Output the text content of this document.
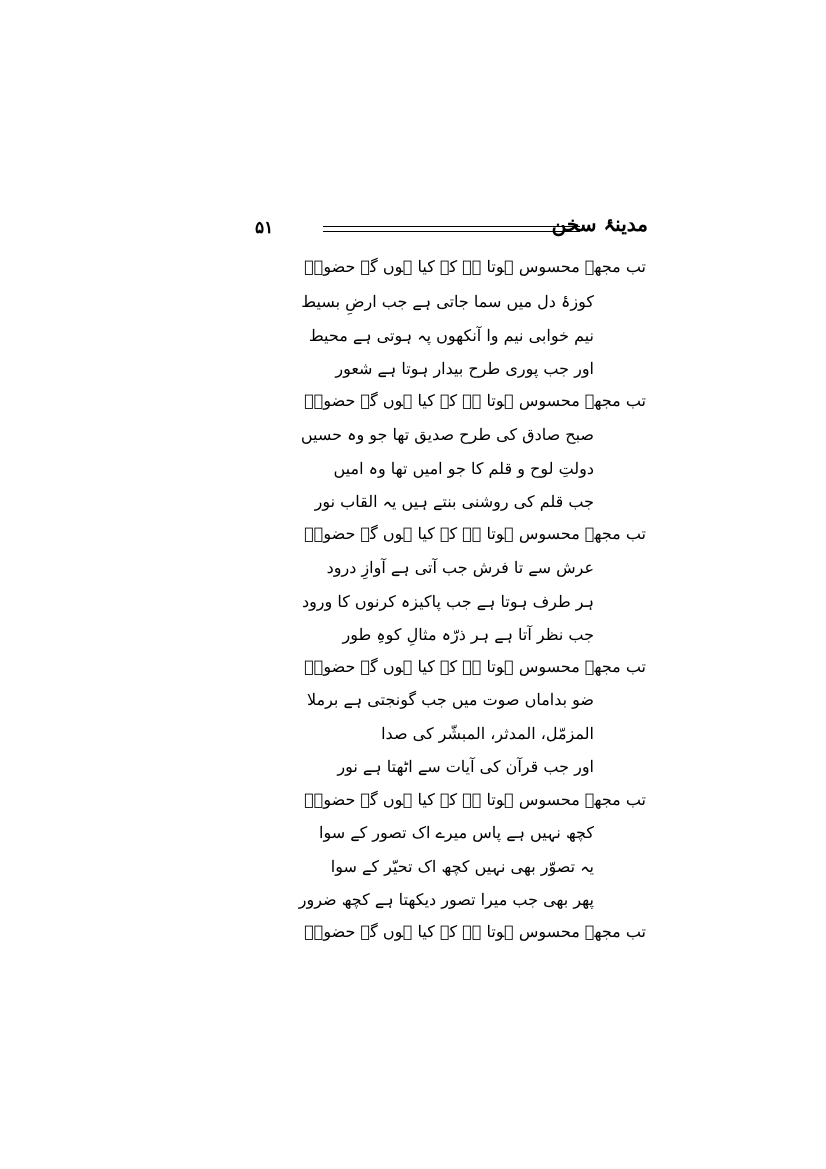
۵۱	مدینۂ سخن
تب مجھے محسوس ہوتا ہے کہ کیا ہوں گے حضورؐ
کوزۂ دل میں سما جاتی ہے جب ارضِ بسیط
نیم خوابی نیم وا آنکھوں پہ ہوتی ہے محیط
اور جب پوری طرح بیدار ہوتا ہے شعور
تب مجھے محسوس ہوتا ہے کہ کیا ہوں گے حضورؐ
صبح صادق کی طرح صدیق تھا جو وہ حسیں
دولتِ لوح و قلم کا جو امیں تھا وہ امیں
جب قلم کی روشنی بنتے ہیں یہ القاب نور
تب مجھے محسوس ہوتا ہے کہ کیا ہوں گے حضورؐ
عرش سے تا فرش جب آتی ہے آوازِ درود
ہر طرف ہوتا ہے جب پاکیزہ کرنوں کا ورود
جب نظر آتا ہے ہر ذرّہ مثالِ کوہِ طور
تب مجھے محسوس ہوتا ہے کہ کیا ہوں گے حضورؐ
ضو بداماں صوت میں جب گونجتی ہے برملا
المزمّل، المدثر، المبشّر کی صدا
اور جب قرآن کی آیات سے اٹھتا ہے نور
تب مجھے محسوس ہوتا ہے کہ کیا ہوں گے حضورؐ
کچھ نہیں ہے پاس میرے اک تصور کے سوا
یہ تصوّر بھی نہیں کچھ اک تحیّر کے سوا
پھر بھی جب میرا تصور دیکھتا ہے کچھ ضرور
تب مجھے محسوس ہوتا ہے کہ کیا ہوں گے حضورؐ
